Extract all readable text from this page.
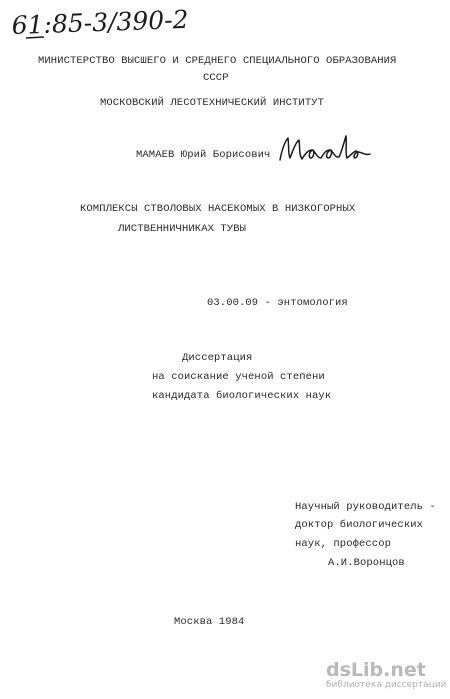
61:85-3/390-2
МИНИСТЕРСТВО ВЫСШЕГО И СРЕДНЕГО СПЕЦИАЛЬНОГО ОБРАЗОВАНИЯ
СССР
МОСКОВСКИЙ ЛЕСОТЕХНИЧЕСКИЙ ИНСТИТУТ
МАМАЕВ Юрий Борисович
КОМПЛЕКСЫ СТВОЛОВЫХ НАСЕКОМЫХ В НИЗКОГОРНЫХ
ЛИСТВЕННИЧНИКАХ ТУВЫ
03.00.09 - энтомология
Диссертация
на соискание ученой степени
кандидата биологических наук
Научный руководитель -
доктор биологических
наук, профессор
А.И.Воронцов
Москва 1984
dsLib.net
библиотека диссертаций
